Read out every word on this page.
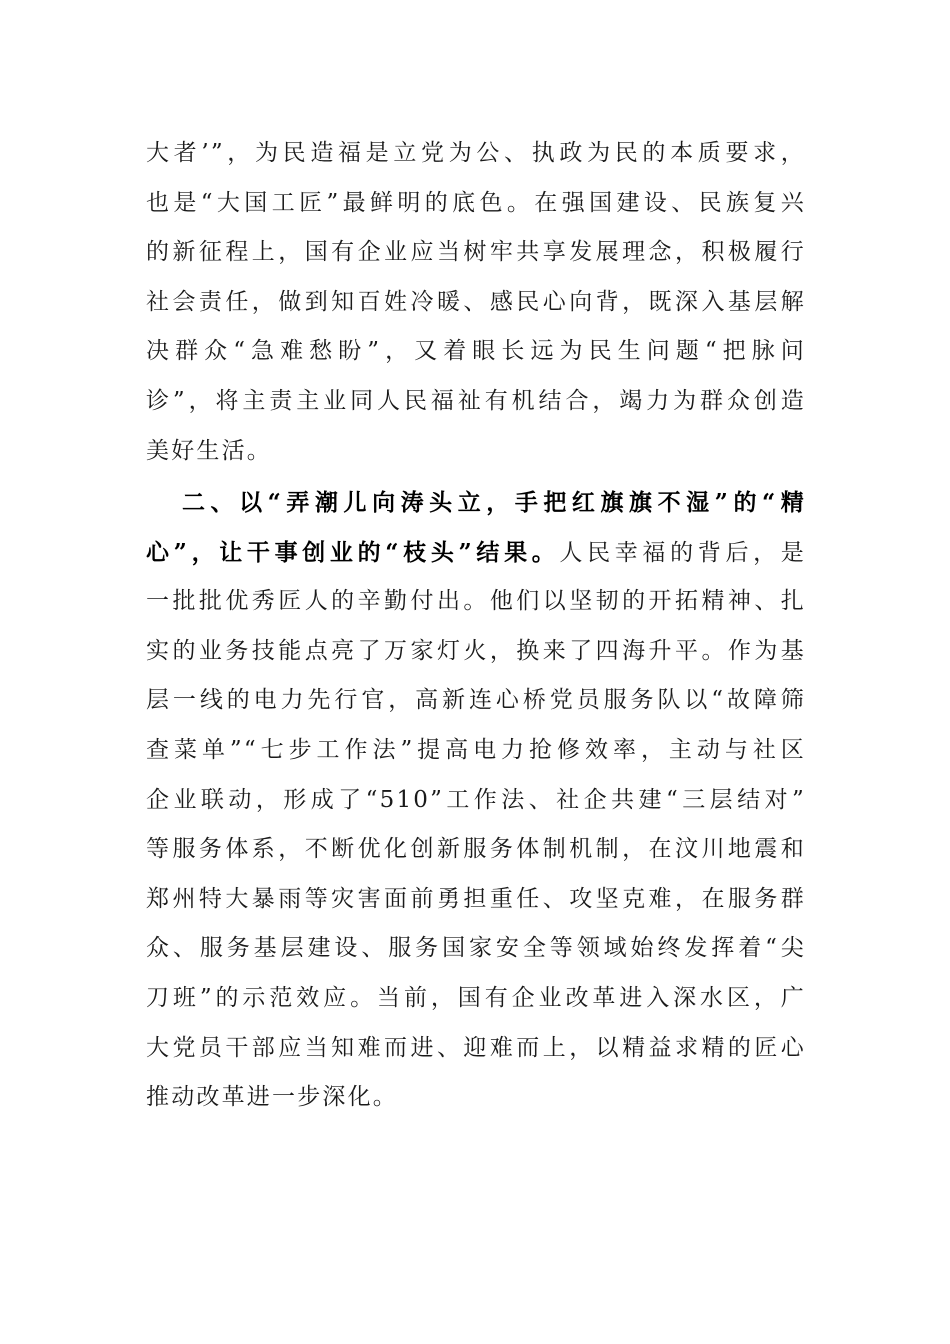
大者’”，为民造福是立党为公、执政为民的本质要求，
也是“大国工匠”最鲜明的底色。在强国建设、民族复兴
的新征程上，国有企业应当树牢共享发展理念，积极履行
社会责任，做到知百姓冷暖、感民心向背，既深入基层解
决群众“急难愁盼”，又着眼长远为民生问题“把脉问
诊”，将主责主业同人民福祉有机结合，竭力为群众创造
美好生活。
二、以“弄潮儿向涛头立，手把红旗旗不湿”的“精
心”，让干事创业的“枝头”结果。人民幸福的背后，是
一批批优秀匠人的辛勤付出。他们以坚韧的开拓精神、扎
实的业务技能点亮了万家灯火，换来了四海升平。作为基
层一线的电力先行官，高新连心桥党员服务队以“故障筛
查菜单”“七步工作法”提高电力抢修效率，主动与社区
企业联动，形成了“510”工作法、社企共建“三层结对”
等服务体系，不断优化创新服务体制机制，在汶川地震和
郑州特大暴雨等灾害面前勇担重任、攻坚克难，在服务群
众、服务基层建设、服务国家安全等领域始终发挥着“尖
刀班”的示范效应。当前，国有企业改革进入深水区，广
大党员干部应当知难而进、迎难而上，以精益求精的匠心
推动改革进一步深化。
